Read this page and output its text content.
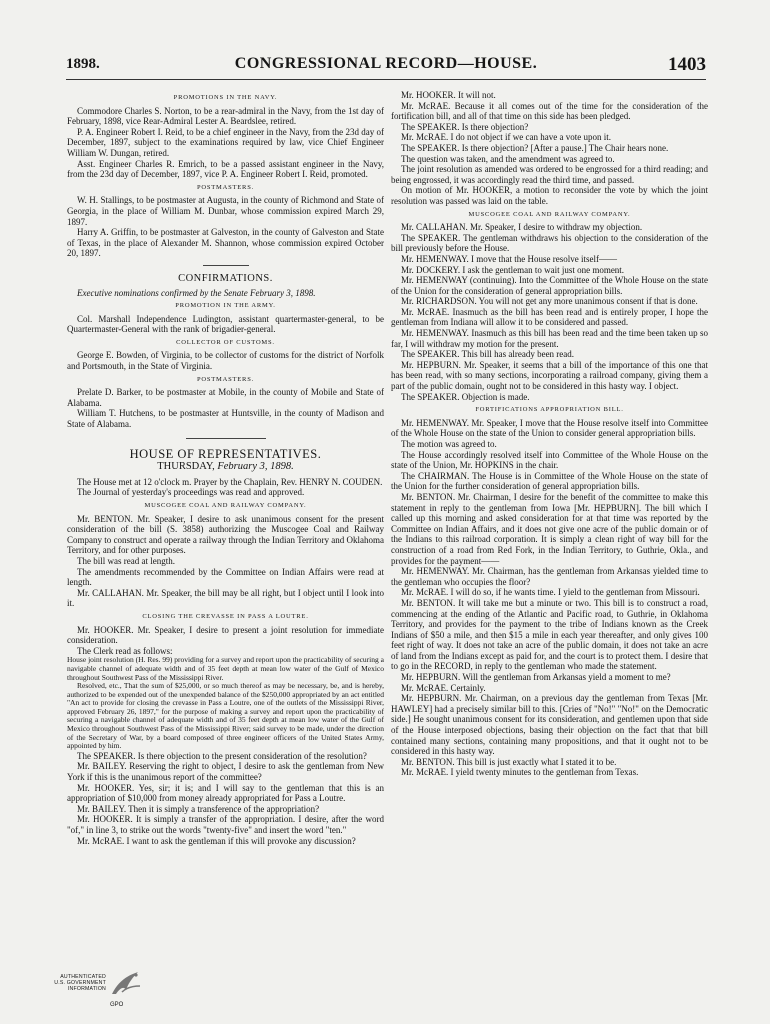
1898.	CONGRESSIONAL RECORD—HOUSE.	1403
PROMOTIONS IN THE NAVY.

Commodore Charles S. Norton, to be a rear-admiral in the Navy, from the 1st day of February, 1898, vice Rear-Admiral Lester A. Beardslee, retired.

P. A. Engineer Robert I. Reid, to be a chief engineer in the Navy, from the 23d day of December, 1897, subject to the examinations required by law, vice Chief Engineer William W. Dungan, retired.

Asst. Engineer Charles R. Emrich, to be a passed assistant engineer in the Navy, from the 23d day of December, 1897, vice P. A. Engineer Robert I. Reid, promoted.

POSTMASTERS.

W. H. Stallings, to be postmaster at Augusta, in the county of Richmond and State of Georgia, in the place of William M. Dunbar, whose commission expired March 29, 1897.

Harry A. Griffin, to be postmaster at Galveston, in the county of Galveston and State of Texas, in the place of Alexander M. Shannon, whose commission expired October 20, 1897.

CONFIRMATIONS.

Executive nominations confirmed by the Senate February 3, 1898.

PROMOTION IN THE ARMY.

Col. Marshall Independence Ludington, assistant quartermaster-general, to be Quartermaster-General with the rank of brigadier-general.

COLLECTOR OF CUSTOMS.

George E. Bowden, of Virginia, to be collector of customs for the district of Norfolk and Portsmouth, in the State of Virginia.

POSTMASTERS.

Prelate D. Barker, to be postmaster at Mobile, in the county of Mobile and State of Alabama.

William T. Hutchens, to be postmaster at Huntsville, in the county of Madison and State of Alabama.

HOUSE OF REPRESENTATIVES.
THURSDAY, February 3, 1898.

The House met at 12 o'clock m. Prayer by the Chaplain, Rev. HENRY N. COUDEN.

The Journal of yesterday's proceedings was read and approved.

MUSCOGEE COAL AND RAILWAY COMPANY.

Mr. BENTON. Mr. Speaker, I desire to ask unanimous consent for the present consideration of the bill (S. 3858) authorizing the Muscogee Coal and Railway Company to construct and operate a railway through the Indian Territory and Oklahoma Territory, and for other purposes.

The bill was read at length.

The amendments recommended by the Committee on Indian Affairs were read at length.

Mr. CALLAHAN. Mr. Speaker, the bill may be all right, but I object until I look into it.

CLOSING THE CREVASSE IN PASS A LOUTRE.

Mr. HOOKER. Mr. Speaker, I desire to present a joint resolution for immediate consideration.

The Clerk read as follows:

House joint resolution (H. Res. 99) providing for a survey and report upon the practicability of securing a navigable channel of adequate width and of 35 feet depth at mean low water of the Gulf of Mexico throughout Southwest Pass of the Mississippi River.

Resolved, etc., That the sum of $25,000, or so much thereof as may be necessary, be, and is hereby, authorized to be expended out of the unexpended balance of the $250,000 appropriated by an act entitled "An act to provide for closing the crevasse in Pass a Loutre, one of the outlets of the Mississippi River, approved February 26, 1897," for the purpose of making a survey and report upon the practicability of securing a navigable channel of adequate width and of 35 feet depth at mean low water of the Gulf of Mexico throughout Southwest Pass of the Mississippi River; said survey to be made, under the direction of the Secretary of War, by a board composed of three engineer officers of the United States Army, appointed by him.

The SPEAKER. Is there objection to the present consideration of the resolution?

Mr. BAILEY. Reserving the right to object, I desire to ask the gentleman from New York if this is the unanimous report of the committee?

Mr. HOOKER. Yes, sir; it is; and I will say to the gentleman that this is an appropriation of $10,000 from money already appropriated for Pass a Loutre.

Mr. BAILEY. Then it is simply a transference of the appropriation?

Mr. HOOKER. It is simply a transfer of the appropriation. I desire, after the word "of," in line 3, to strike out the words "twenty-five" and insert the word "ten."

Mr. McRAE. I want to ask the gentleman if this will provoke any discussion?

Mr. HOOKER. It will not.

Mr. McRAE. Because it all comes out of the time for the consideration of the fortification bill, and all of that time on this side has been pledged.

The SPEAKER. Is there objection?

Mr. McRAE. I do not object if we can have a vote upon it.

The SPEAKER. Is there objection? [After a pause.] The Chair hears none.

The question was taken, and the amendment was agreed to.

The joint resolution as amended was ordered to be engrossed for a third reading; and being engrossed, it was accordingly read the third time, and passed.

On motion of Mr. HOOKER, a motion to reconsider the vote by which the joint resolution was passed was laid on the table.

MUSCOGEE COAL AND RAILWAY COMPANY.

Mr. CALLAHAN. Mr. Speaker, I desire to withdraw my objection.

The SPEAKER. The gentleman withdraws his objection to the consideration of the bill previously before the House.

Mr. HEMENWAY. I move that the House resolve itself——

Mr. DOCKERY. I ask the gentleman to wait just one moment.

Mr. HEMENWAY (continuing). Into the Committee of the Whole House on the state of the Union for the consideration of general appropriation bills.

Mr. RICHARDSON. You will not get any more unanimous consent if that is done.

Mr. McRAE. Inasmuch as the bill has been read and is entirely proper, I hope the gentleman from Indiana will allow it to be considered and passed.

Mr. HEMENWAY. Inasmuch as this bill has been read and the time been taken up so far, I will withdraw my motion for the present.

The SPEAKER. This bill has already been read.

Mr. HEPBURN. Mr. Speaker, it seems that a bill of the importance of this one that has been read, with so many sections, incorporating a railroad company, giving them a part of the public domain, ought not to be considered in this hasty way. I object.

The SPEAKER. Objection is made.

FORTIFICATIONS APPROPRIATION BILL.

Mr. HEMENWAY. Mr. Speaker, I move that the House resolve itself into Committee of the Whole House on the state of the Union to consider general appropriation bills.

The motion was agreed to.

The House accordingly resolved itself into Committee of the Whole House on the state of the Union, Mr. HOPKINS in the chair.

The CHAIRMAN. The House is in Committee of the Whole House on the state of the Union for the further consideration of general appropriation bills.

Mr. BENTON. Mr. Chairman, I desire for the benefit of the committee to make this statement in reply to the gentleman from Iowa [Mr. HEPBURN]. The bill which I called up this morning and asked consideration for at that time was reported by the Committee on Indian Affairs, and it does not give one acre of the public domain or of the Indians to this railroad corporation. It is simply a clean right of way bill for the construction of a road from Red Fork, in the Indian Territory, to Guthrie, Okla., and provides for the payment——

Mr. HEMENWAY. Mr. Chairman, has the gentleman from Arkansas yielded time to the gentleman who occupies the floor?

Mr. McRAE. I will do so, if he wants time. I yield to the gentleman from Missouri.

Mr. BENTON. It will take me but a minute or two. This bill is to construct a road, commencing at the ending of the Atlantic and Pacific road, to Guthrie, in Oklahoma Territory, and provides for the payment to the tribe of Indians known as the Creek Indians of $50 a mile, and then $15 a mile in each year thereafter, and only gives 100 feet right of way. It does not take an acre of the public domain, it does not take an acre of land from the Indians except as paid for, and the court is to protect them. I desire that to go in the RECORD, in reply to the gentleman who made the statement.

Mr. HEPBURN. Will the gentleman from Arkansas yield a moment to me?

Mr. McRAE. Certainly.

Mr. HEPBURN. Mr. Chairman, on a previous day the gentleman from Texas [Mr. HAWLEY] had a precisely similar bill to this. [Cries of "No!" "No!" on the Democratic side.] He sought unanimous consent for its consideration, and gentlemen upon that side of the House interposed objections, basing their objection on the fact that that bill contained many sections, containing many propositions, and that it ought not to be considered in this hasty way.

Mr. BENTON. This bill is just exactly what I stated it to be.

Mr. McRAE. I yield twenty minutes to the gentleman from Texas.

AUTHENTICATED U.S. GOVERNMENT INFORMATION
GPO
